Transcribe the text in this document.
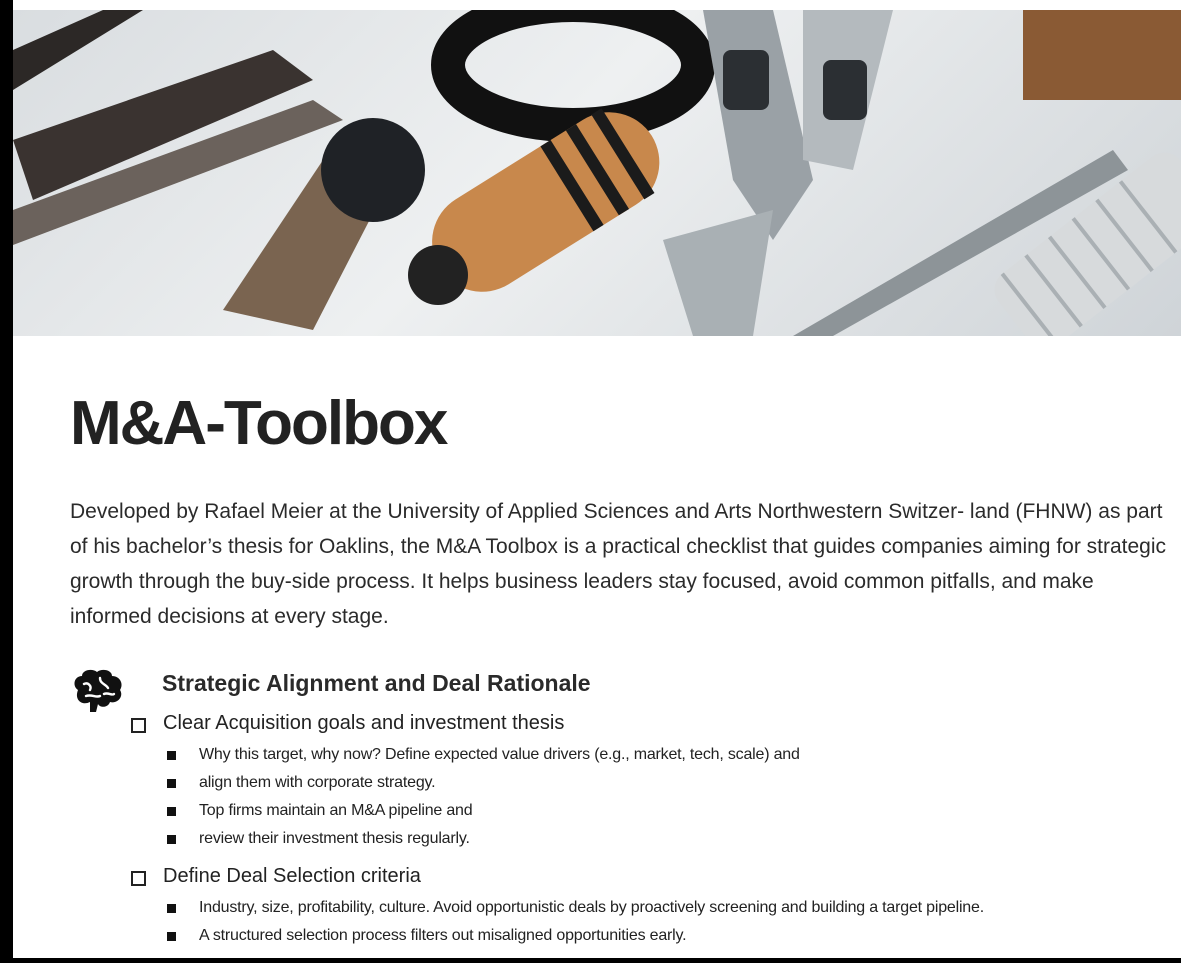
M&A-Toolbox

Developed by Rafael Meier at the University of Applied Sciences and Arts Northwestern Switzer- land (FHNW) as part of his bachelor’s thesis for Oaklins, the M&A Toolbox is a practical checklist that guides companies aiming for strategic growth through the buy-side process. It helps business leaders stay focused, avoid common pitfalls, and make informed decisions at every stage.

Strategic Alignment and Deal Rationale
Clear Acquisition goals and investment thesis
Why this target, why now? Define expected value drivers (e.g., market, tech, scale) and
align them with corporate strategy.
Top firms maintain an M&A pipeline and
review their investment thesis regularly.
Define Deal Selection criteria
Industry, size, profitability, culture. Avoid opportunistic deals by proactively screening and building a target pipeline.
A structured selection process filters out misaligned opportunities early.
